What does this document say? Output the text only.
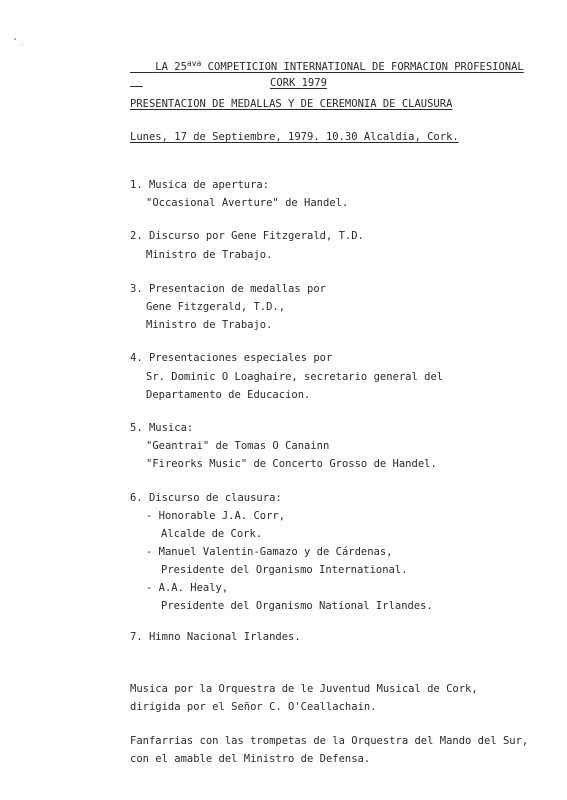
LA $25^{ava}$ COMPETICION INTERNATIONAL DE FORMACION PROFESIONAL

CORK 1979
PRESENTACION DE MEDALLAS Y DE CEREMONIA DE CLAUSURA
Lunes, 17 de Septiembre, 1979. 10.30 Alcaldia, Cork.
1. Musica de apertura:
"Occasional Averture" de Handel.
2. Discurso por Gene Fitzgerald, T.D.
Ministro de Trabajo.
3. Presentacion de medallas por
Gene Fitzgerald, T.D.,
Ministro de Trabajo.
4. Presentaciones especiales por
Sr. Dominic O Loaghaire, secretario general del
Departamento de Educacion.
5. Musica:
"Geantrai" de Tomas O Canainn
"Fireorks Music" de Concerto Grosso de Handel.
6. Discurso de clausura:
- Honorable J.A. Corr,
Alcalde de Cork.
- Manuel Valentin-Gamazo y de Cárdenas,
Presidente del Organismo International.
- A.A. Healy,
Presidente del Organismo National Irlandes.
7. Himno Nacional Irlandes.
Musica por la Orquestra de le Juventud Musical de Cork,
dirigida por el Señor C. O'Ceallachain.
Fanfarrias con las trompetas de la Orquestra del Mando del Sur,
con el amable del Ministro de Defensa.
